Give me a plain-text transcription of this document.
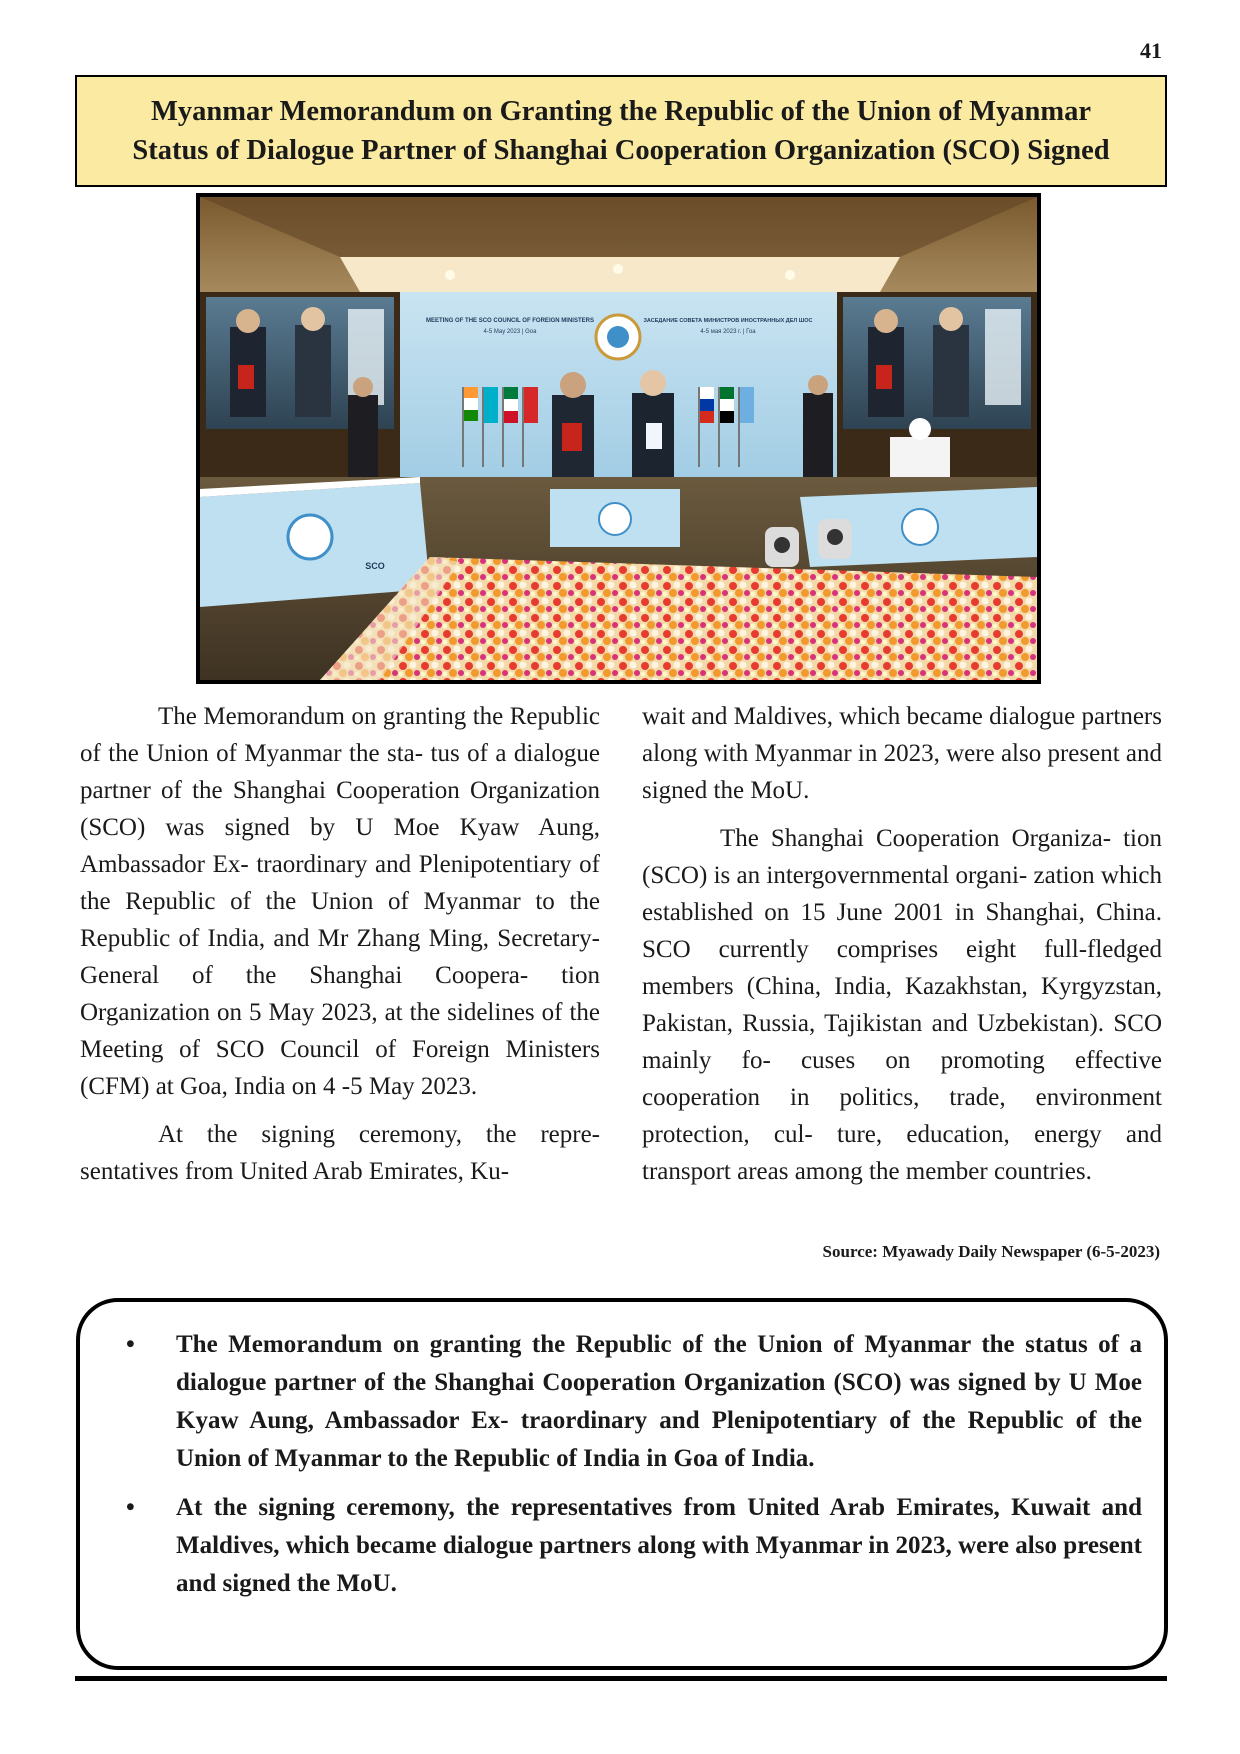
41
Myanmar Memorandum on Granting the Republic of the Union of Myanmar
Status of Dialogue Partner of Shanghai Cooperation Organization (SCO) Signed
MEETING OF THE SCO COUNCIL OF FOREIGN MINISTERS
4-5 May 2023 | Goa
ЗАСЕДАНИЕ СОВЕТА МИНИСТРОВ ИНОСТРАННЫХ ДЕЛ ШОС
4-5 мая 2023 г. | Гоа
SCO

The Memorandum on granting the Republic of the Union of Myanmar the sta- tus of a dialogue partner of the Shanghai Cooperation Organization (SCO) was signed by U Moe Kyaw Aung, Ambassador Ex- traordinary and Plenipotentiary of the Republic of the Union of Myanmar to the Republic of India, and Mr Zhang Ming, Secretary-General of the Shanghai Coopera- tion Organization on 5 May 2023, at the sidelines of the Meeting of SCO Council of Foreign Ministers (CFM) at Goa, India on 4 -5 May 2023.

At the signing ceremony, the repre- sentatives from United Arab Emirates, Ku-

wait and Maldives, which became dialogue partners along with Myanmar in 2023, were also present and signed the MoU.

The Shanghai Cooperation Organiza- tion (SCO) is an intergovernmental organi- zation which established on 15 June 2001 in Shanghai, China. SCO currently comprises eight full-fledged members (China, India, Kazakhstan, Kyrgyzstan, Pakistan, Russia, Tajikistan and Uzbekistan). SCO mainly fo- cuses on promoting effective cooperation in politics, trade, environment protection, cul- ture, education, energy and transport areas among the member countries.

Source: Myawady Daily Newspaper (6-5-2023)
• The Memorandum on granting the Republic of the Union of Myanmar the status of a dialogue partner of the Shanghai Cooperation Organization (SCO) was signed by U Moe Kyaw Aung, Ambassador Ex- traordinary and Plenipotentiary of the Republic of the Union of Myanmar to the Republic of India in Goa of India.
• At the signing ceremony, the representatives from United Arab Emirates, Kuwait and Maldives, which became dialogue partners along with Myanmar in 2023, were also present and signed the MoU.
